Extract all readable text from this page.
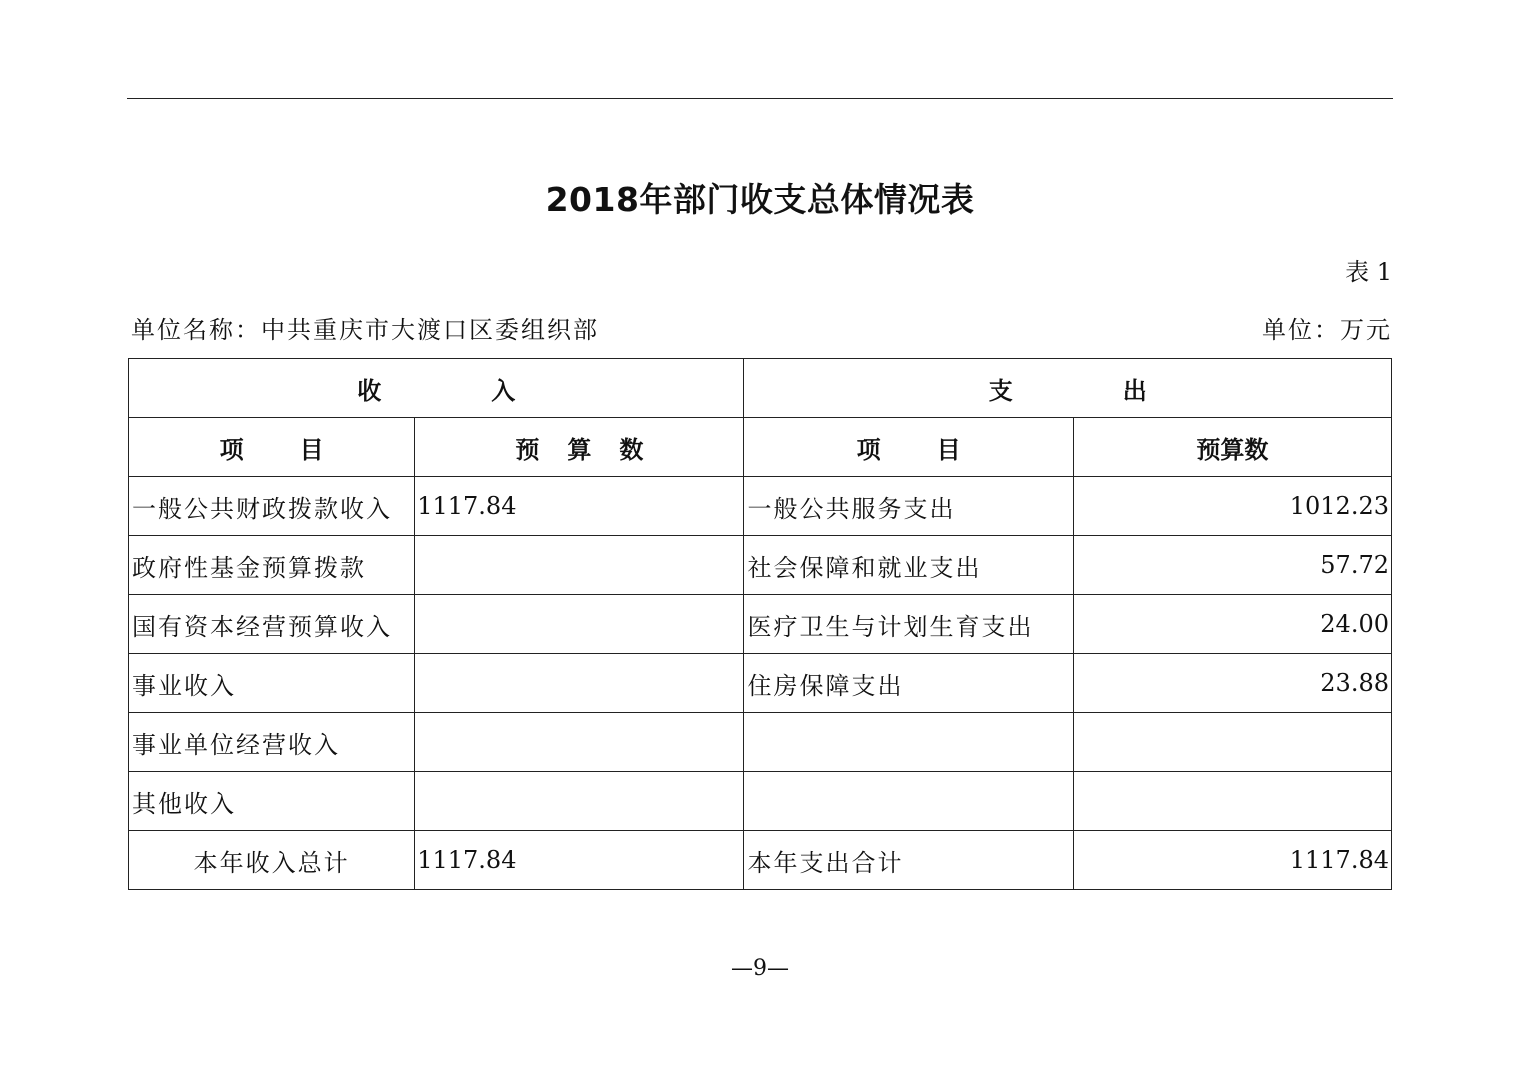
2018年部门收支总体情况表
表 1
单位名称：中共重庆市大渡口区委组织部	单位：万元
收入		支出	
项目	预算数	项目	预算数
一般公共财政拨款收入	1117.84	一般公共服务支出	1012.23
政府性基金预算拨款		社会保障和就业支出	57.72
国有资本经营预算收入		医疗卫生与计划生育支出	24.00
事业收入		住房保障支出	23.88
事业单位经营收入			
其他收入			
本年收入总计	1117.84	本年支出合计	1117.84
—9—
